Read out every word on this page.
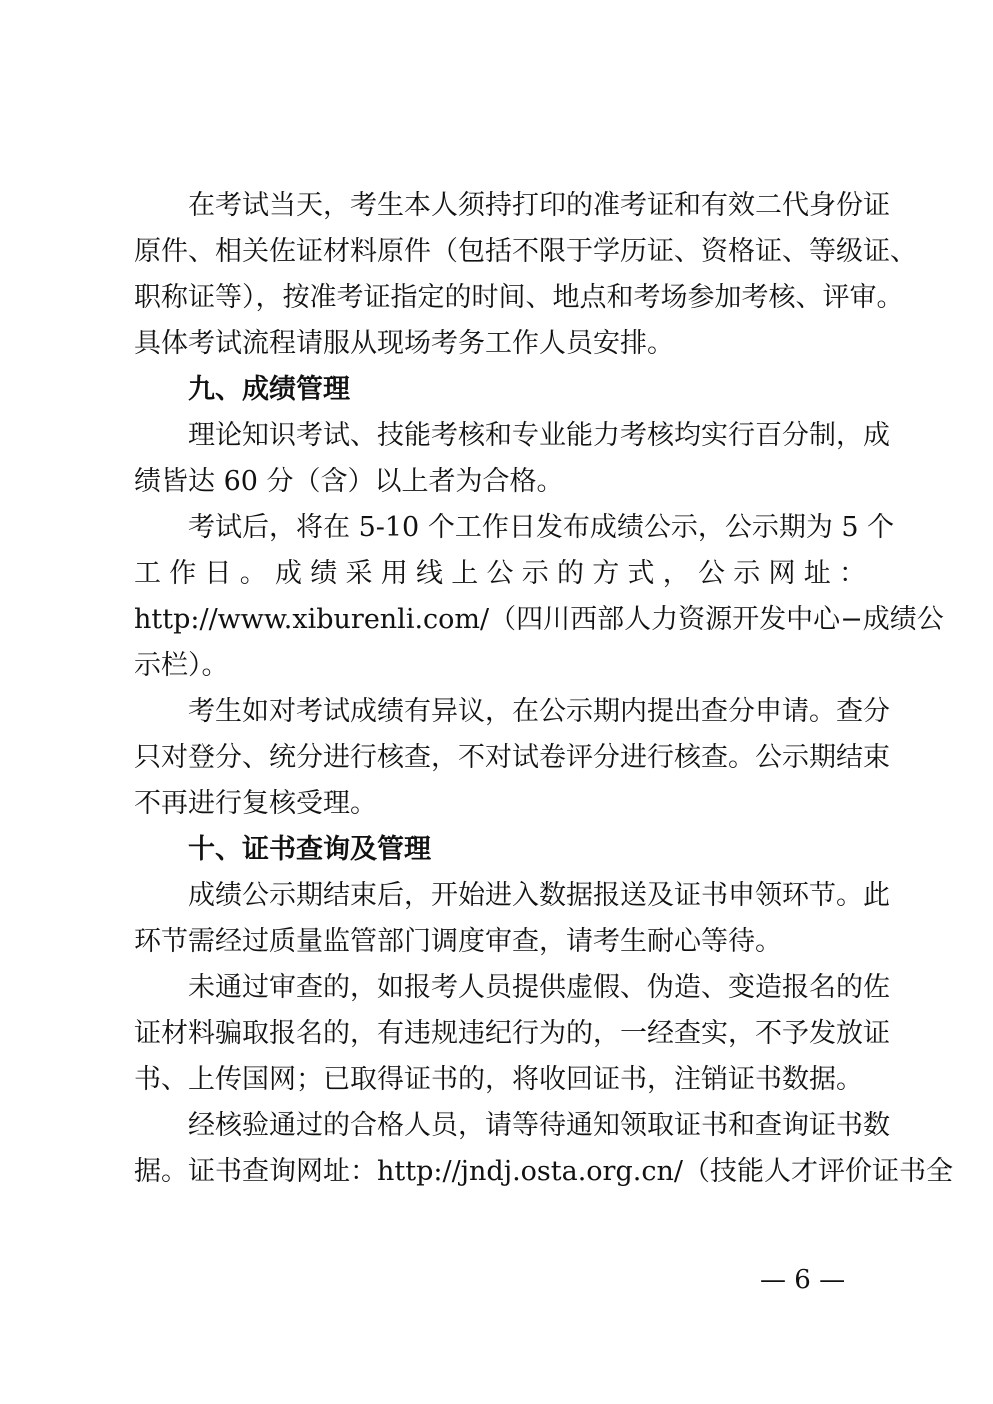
在考试当天，考生本人须持打印的准考证和有效二代身份证
原件、相关佐证材料原件（包括不限于学历证、资格证、等级证、
职称证等），按准考证指定的时间、地点和考场参加考核、评审。
具体考试流程请服从现场考务工作人员安排。
九、成绩管理
理论知识考试、技能考核和专业能力考核均实行百分制，成
绩皆达 60 分（含）以上者为合格。
考试后，将在 5-10 个工作日发布成绩公示，公示期为 5 个
工作日。成绩采用线上公示的方式，公示网址：
http://www.xiburenli.com/（四川西部人力资源开发中心−成绩公
示栏）。
考生如对考试成绩有异议，在公示期内提出查分申请。查分
只对登分、统分进行核查，不对试卷评分进行核查。公示期结束
不再进行复核受理。
十、证书查询及管理
成绩公示期结束后，开始进入数据报送及证书申领环节。此
环节需经过质量监管部门调度审查，请考生耐心等待。
未通过审查的，如报考人员提供虚假、伪造、变造报名的佐
证材料骗取报名的，有违规违纪行为的，一经查实，不予发放证
书、上传国网；已取得证书的，将收回证书，注销证书数据。
经核验通过的合格人员，请等待通知领取证书和查询证书数
据。证书查询网址：http://jndj.osta.org.cn/（技能人才评价证书全
— 6 —
